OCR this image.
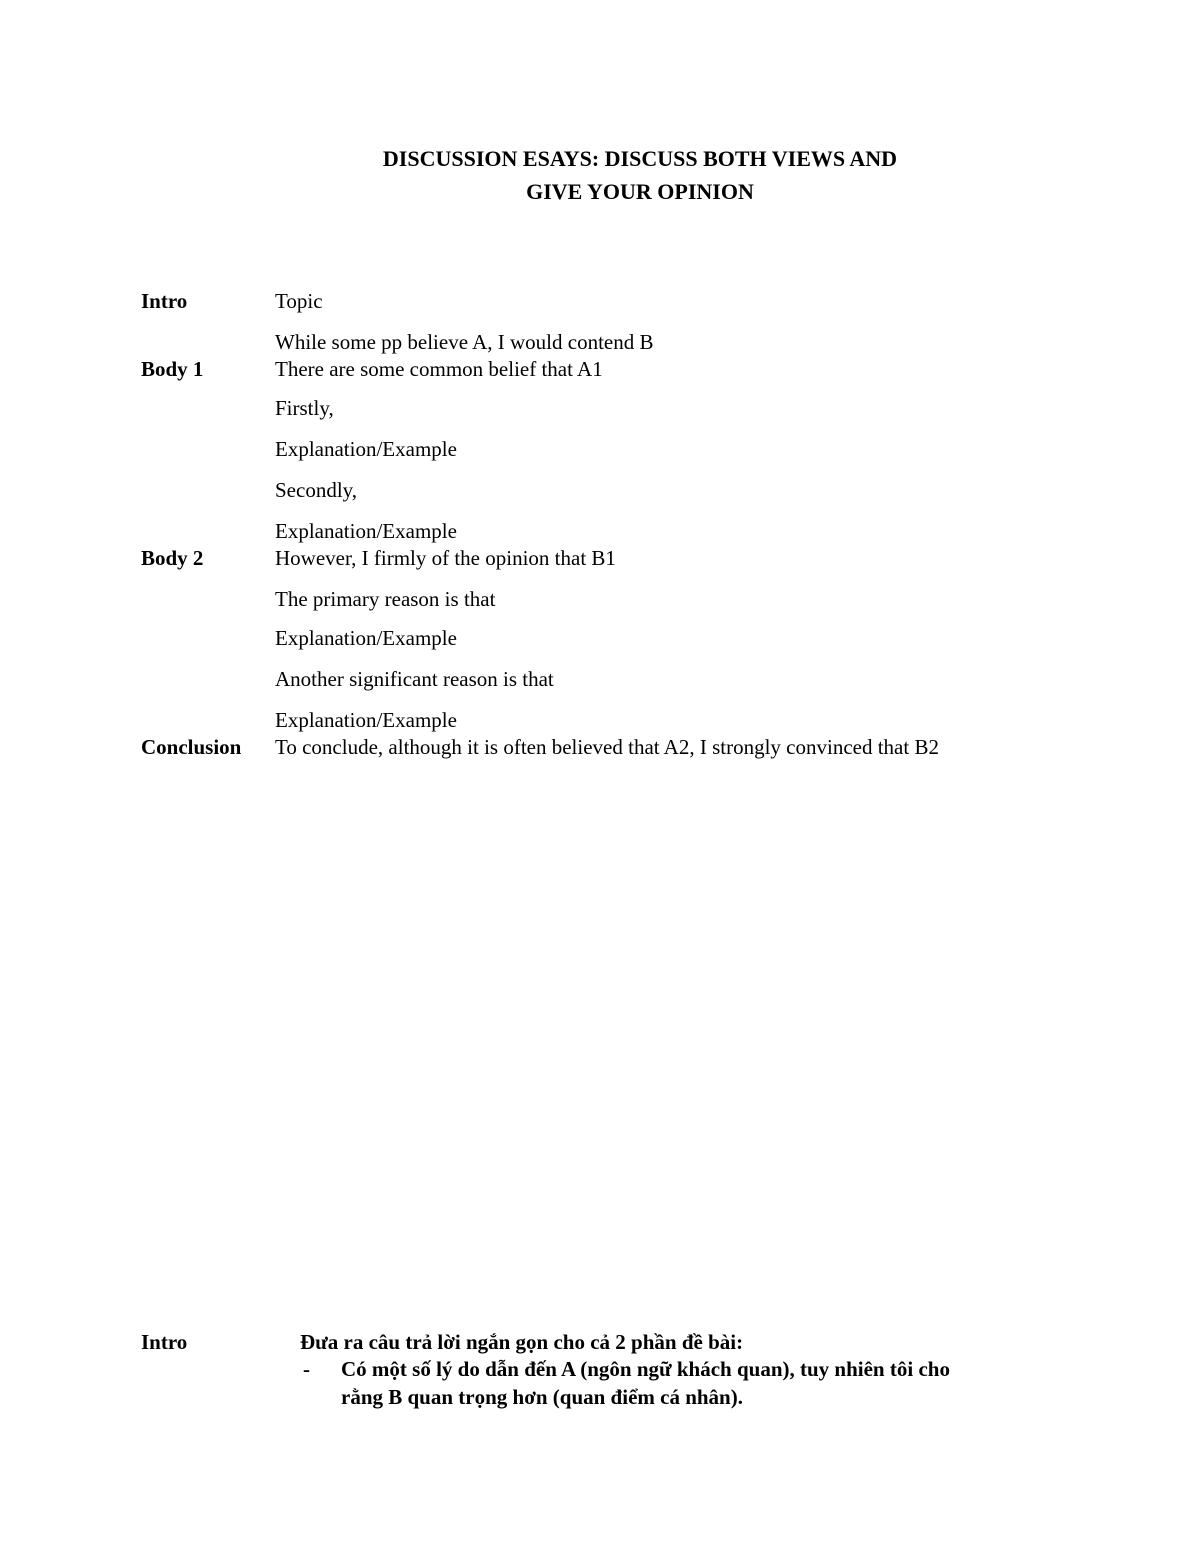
DISCUSSION ESAYS: DISCUSS BOTH VIEWS AND
GIVE YOUR OPINION
Intro
Body 1
Body 2
Conclusion
Topic
While some pp believe A, I would contend B
There are some common belief that A1
Firstly,
Explanation/Example
Secondly,
Explanation/Example
However, I firmly of the opinion that B1
The primary reason is that
Explanation/Example
Another significant reason is that
Explanation/Example
To conclude, although it is often believed that A2, I strongly convinced that B2
Intro	Đưa ra câu trả lời ngắn gọn cho cả 2 phần đề bài:
- Có một số lý do dẫn đến A (ngôn ngữ khách quan), tuy nhiên tôi cho
rằng B quan trọng hơn (quan điểm cá nhân).
